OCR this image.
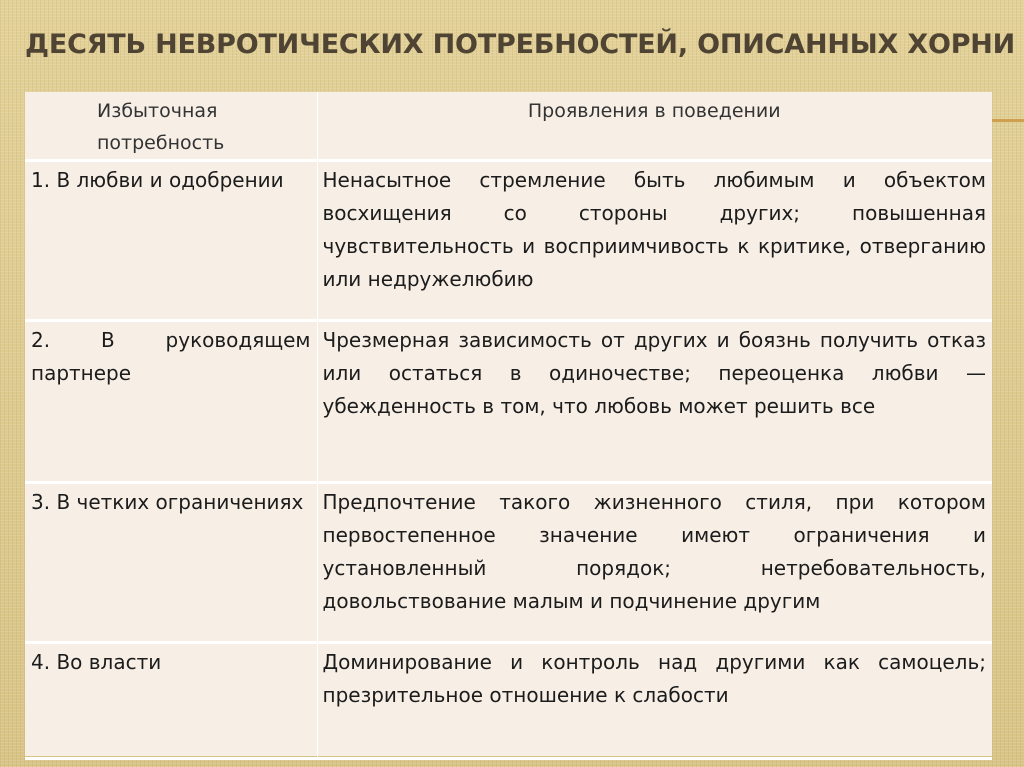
ДЕСЯТЬ НЕВРОТИЧЕСКИХ ПОТРЕБНОСТЕЙ, ОПИСАННЫХ ХОРНИ
Избыточная потребность	Проявления в поведении
1. В любви и одобрении	Ненасытное стремление быть любимым и объектом восхищения со стороны других; повышенная чувствительность и восприимчивость к критике, отверганию или недружелюбию
2. В руководящем партнере	Чрезмерная зависимость от других и боязнь получить отказ или остаться в одиночестве; переоценка любви — убежденность в том, что любовь может решить все
3. В четких ограничениях	Предпочтение такого жизненного стиля, при котором первостепенное значение имеют ограничения и установленный порядок; нетребовательность, довольствование малым и подчинение другим
4. Во власти	Доминирование и контроль над другими как самоцель; презрительное отношение к слабости
